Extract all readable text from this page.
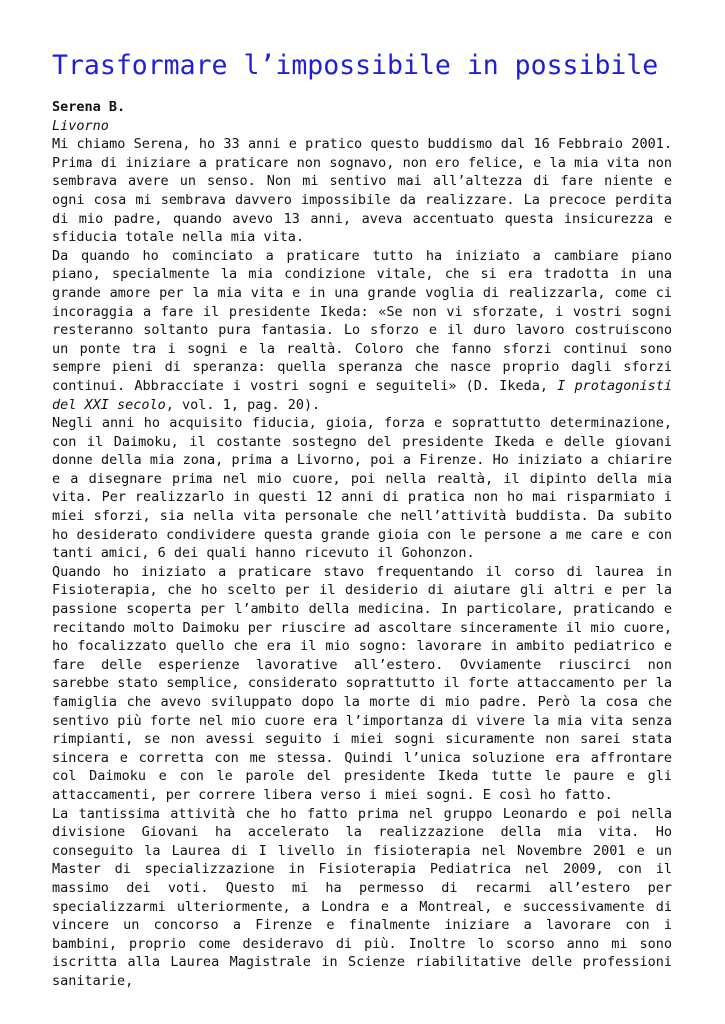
Trasformare l’impossibile in possibile
Serena B.
Livorno

Mi chiamo Serena, ho 33 anni e pratico questo buddismo dal 16 Febbraio 2001. Prima di iniziare a praticare non sognavo, non ero felice, e la mia vita non sembrava avere un senso. Non mi sentivo mai all’altezza di fare niente e ogni cosa mi sembrava davvero impossibile da realizzare. La precoce perdita di mio padre, quando avevo 13 anni, aveva accentuato questa insicurezza e sfiducia totale nella mia vita.

Da quando ho cominciato a praticare tutto ha iniziato a cambiare piano piano, specialmente la mia condizione vitale, che si era tradotta in una grande amore per la mia vita e in una grande voglia di realizzarla, come ci incoraggia a fare il presidente Ikeda: «Se non vi sforzate, i vostri sogni resteranno soltanto pura fantasia. Lo sforzo e il duro lavoro costruiscono un ponte tra i sogni e la realtà. Coloro che fanno sforzi continui sono sempre pieni di speranza: quella speranza che nasce proprio dagli sforzi continui. Abbracciate i vostri sogni e seguiteli» (D. Ikeda, I protagonisti del XXI secolo, vol. 1, pag. 20).

Negli anni ho acquisito fiducia, gioia, forza e soprattutto determinazione, con il Daimoku, il costante sostegno del presidente Ikeda e delle giovani donne della mia zona, prima a Livorno, poi a Firenze. Ho iniziato a chiarire e a disegnare prima nel mio cuore, poi nella realtà, il dipinto della mia vita. Per realizzarlo in questi 12 anni di pratica non ho mai risparmiato i miei sforzi, sia nella vita personale che nell’attività buddista. Da subito ho desiderato condividere questa grande gioia con le persone a me care e con tanti amici, 6 dei quali hanno ricevuto il Gohonzon.

Quando ho iniziato a praticare stavo frequentando il corso di laurea in Fisioterapia, che ho scelto per il desiderio di aiutare gli altri e per la passione scoperta per l’ambito della medicina. In particolare, praticando e recitando molto Daimoku per riuscire ad ascoltare sinceramente il mio cuore, ho focalizzato quello che era il mio sogno: lavorare in ambito pediatrico e fare delle esperienze lavorative all’estero. Ovviamente riuscirci non sarebbe stato semplice, considerato soprattutto il forte attaccamento per la famiglia che avevo sviluppato dopo la morte di mio padre. Però la cosa che sentivo più forte nel mio cuore era l’importanza di vivere la mia vita senza rimpianti, se non avessi seguito i miei sogni sicuramente non sarei stata sincera e corretta con me stessa. Quindi l’unica soluzione era affrontare col Daimoku e con le parole del presidente Ikeda tutte le paure e gli attaccamenti, per correre libera verso i miei sogni. E così ho fatto.

La tantissima attività che ho fatto prima nel gruppo Leonardo e poi nella divisione Giovani ha accelerato la realizzazione della mia vita. Ho conseguito la Laurea di I livello in fisioterapia nel Novembre 2001 e un Master di specializzazione in Fisioterapia Pediatrica nel 2009, con il massimo dei voti. Questo mi ha permesso di recarmi all’estero per specializzarmi ulteriormente, a Londra e a Montreal, e successivamente di vincere un concorso a Firenze e finalmente iniziare a lavorare con i bambini, proprio come desideravo di più. Inoltre lo scorso anno mi sono iscritta alla Laurea Magistrale in Scienze riabilitative delle professioni sanitarie,
